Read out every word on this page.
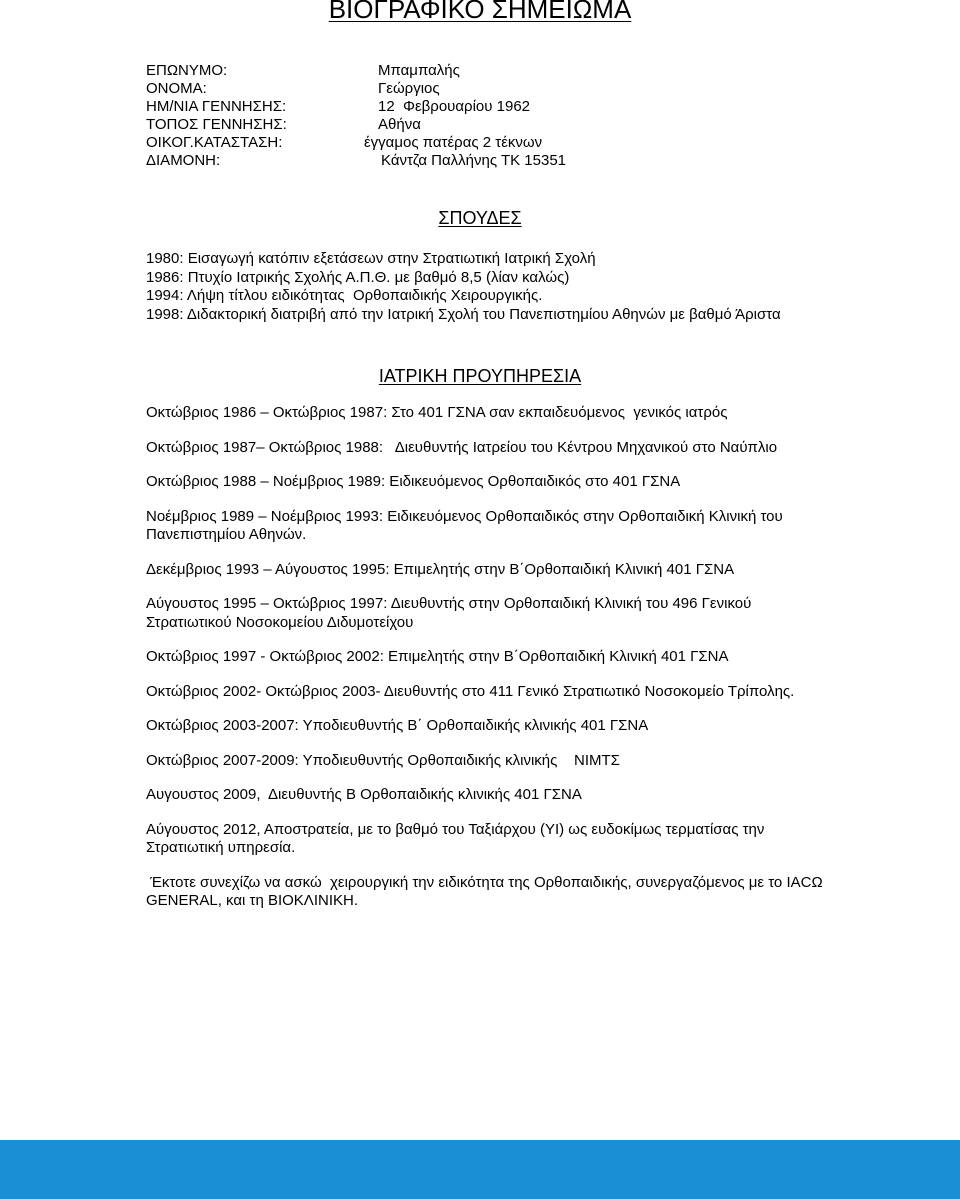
ΒΙΟΓΡΑΦΙΚΟ ΣΗΜΕΙΩΜΑ
ΕΠΩΝΥΜΟ:	Μπαμπαλής
ΟΝΟΜΑ:	Γεώργιος
ΗΜ/ΝΙΑ ΓΕΝΝΗΣΗΣ:	12  Φεβρουαρίου 1962
ΤΟΠΟΣ ΓΕΝΝΗΣΗΣ:	Αθήνα
ΟΙΚΟΓ.ΚΑΤΑΣΤΑΣΗ:	έγγαμος πατέρας 2 τέκνων
ΔΙΑΜΟΝΗ:	Κάντζα Παλλήνης ΤΚ 15351
ΣΠΟΥΔΕΣ

1980: Εισαγωγή κατόπιν εξετάσεων στην Στρατιωτική Ιατρική Σχολή

1986: Πτυχίο Ιατρικής Σχολής Α.Π.Θ. με βαθμό 8,5 (λίαν καλώς)

1994: Λήψη τίτλου ειδικότητας  Ορθοπαιδικής Χειρουργικής.

1998: Διδακτορική διατριβή από την Ιατρική Σχολή του Πανεπιστημίου Αθηνών με βαθμό Άριστα

ΙΑΤΡΙΚΗ ΠΡΟΥΠΗΡΕΣΙΑ

Οκτώβριος 1986 – Οκτώβριος 1987: Στο 401 ΓΣΝΑ σαν εκπαιδευόμενος  γενικός ιατρός

Οκτώβριος 1987– Οκτώβριος 1988:   Διευθυντής Ιατρείου του Κέντρου Μηχανικού στο Ναύπλιο

Οκτώβριος 1988 – Νοέμβριος 1989: Ειδικευόμενος Ορθοπαιδικός στο 401 ΓΣΝΑ

Νοέμβριος 1989 – Νοέμβριος 1993: Ειδικευόμενος Ορθοπαιδικός στην Ορθοπαιδική Κλινική του Πανεπιστημίου Αθηνών.

Δεκέμβριος 1993 – Αύγουστος 1995: Επιμελητής στην Β΄Ορθοπαιδική Κλινική 401 ΓΣΝΑ

Αύγουστος 1995 – Οκτώβριος 1997: Διευθυντής στην Ορθοπαιδική Κλινική του 496 Γενικού Στρατιωτικού Νοσοκομείου Διδυμοτείχου

Οκτώβριος 1997 - Οκτώβριος 2002: Επιμελητής στην Β΄Ορθοπαιδική Κλινική 401 ΓΣΝΑ

Οκτώβριος 2002- Οκτώβριος 2003- Διευθυντής στο 411 Γενικό Στρατιωτικό Νοσοκομείο Τρίπολης.

Οκτώβριος 2003-2007: Υποδιευθυντής Β΄ Ορθοπαιδικής κλινικής 401 ΓΣΝΑ

Οκτώβριος 2007-2009: Υποδιευθυντής Ορθοπαιδικής κλινικής    ΝΙΜΤΣ

Αυγουστος 2009,  Διευθυντής Β Ορθοπαιδικής κλινικής 401 ΓΣΝΑ

Αύγουστος 2012, Αποστρατεία, με το βαθμό του Ταξιάρχου (ΥΙ) ως ευδοκίμως τερματίσας την Στρατιωτική υπηρεσία.

Έκτοτε συνεχίζω να ασκώ  χειρουργική την ειδικότητα της Ορθοπαιδικής, συνεργαζόμενος με το IACΩ GENERAL, και τη ΒΙΟΚΛΙΝΙΚΗ.
